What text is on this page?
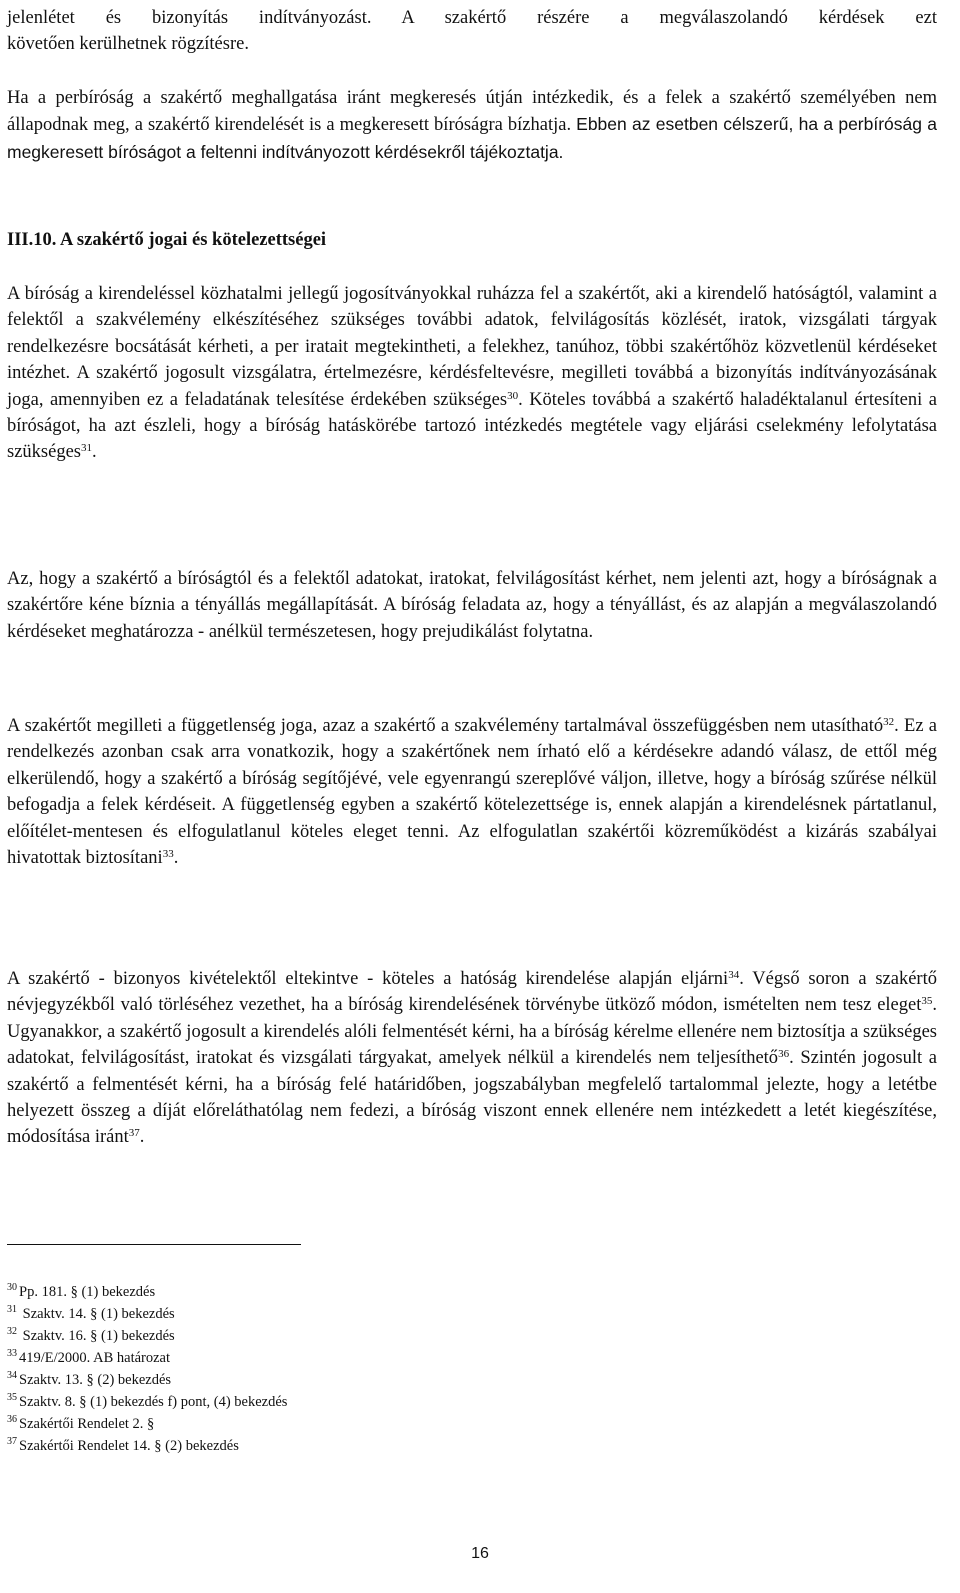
jelenlétet és bizonyítás indítványozást. A szakértő részére a megválaszolandó kérdések ezt
követően kerülhetnek rögzítésre.

Ha a perbíróság a szakértő meghallgatása iránt megkeresés útján intézkedik, és a felek a szakértő személyében nem állapodnak meg, a szakértő kirendelését is a megkeresett bíróságra bízhatja. Ebben az esetben célszerű, ha a perbíróság a megkeresett bíróságot a feltenni indítványozott kérdésekről tájékoztatja.

III.10. A szakértő jogai és kötelezettségei

A bíróság a kirendeléssel közhatalmi jellegű jogosítványokkal ruházza fel a szakértőt, aki a kirendelő hatóságtól, valamint a felektől a szakvélemény elkészítéséhez szükséges további adatok, felvilágosítás közlését, iratok, vizsgálati tárgyak rendelkezésre bocsátását kérheti, a per iratait megtekintheti, a felekhez, tanúhoz, többi szakértőhöz közvetlenül kérdéseket intézhet. A szakértő jogosult vizsgálatra, értelmezésre, kérdésfeltevésre, megilleti továbbá a bizonyítás indítványozásának joga, amennyiben ez a feladatának telesítése érdekében szükséges$^{30}$. Köteles továbbá a szakértő haladéktalanul értesíteni a bíróságot, ha azt észleli, hogy a bíróság hatáskörébe tartozó intézkedés megtétele vagy eljárási cselekmény lefolytatása szükséges$^{31}$.

Az, hogy a szakértő a bíróságtól és a felektől adatokat, iratokat, felvilágosítást kérhet, nem jelenti azt, hogy a bíróságnak a szakértőre kéne bíznia a tényállás megállapítását. A bíróság feladata az, hogy a tényállást, és az alapján a megválaszolandó kérdéseket meghatározza - anélkül természetesen, hogy prejudikálást folytatna.

A szakértőt megilleti a függetlenség joga, azaz a szakértő a szakvélemény tartalmával összefüggésben nem utasítható$^{32}$. Ez a rendelkezés azonban csak arra vonatkozik, hogy a szakértőnek nem írható elő a kérdésekre adandó válasz, de ettől még elkerülendő, hogy a szakértő a bíróság segítőjévé, vele egyenrangú szereplővé váljon, illetve, hogy a bíróság szűrése nélkül befogadja a felek kérdéseit. A függetlenség egyben a szakértő kötelezettsége is, ennek alapján a kirendelésnek pártatlanul, előítélet-mentesen és elfogulatlanul köteles eleget tenni. Az elfogulatlan szakértői közreműködést a kizárás szabályai hivatottak biztosítani$^{33}$.

A szakértő - bizonyos kivételektől eltekintve - köteles a hatóság kirendelése alapján eljárni$^{34}$. Végső soron a szakértő névjegyzékből való törléséhez vezethet, ha a bíróság kirendelésének törvénybe ütköző módon, ismételten nem tesz eleget$^{35}$. Ugyanakkor, a szakértő jogosult a kirendelés alóli felmentését kérni, ha a bíróság kérelme ellenére nem biztosítja a szükséges adatokat, felvilágosítást, iratokat és vizsgálati tárgyakat, amelyek nélkül a kirendelés nem teljesíthető$^{36}$. Szintén jogosult a szakértő a felmentését kérni, ha a bíróság felé határidőben, jogszabályban megfelelő tartalommal jelezte, hogy a letétbe helyezett összeg a díját előreláthatólag nem fedezi, a bíróság viszont ennek ellenére nem intézkedett a letét kiegészítése, módosítása iránt$^{37}$.

$^{30}$ Pp. 181. § (1) bekezdés
$^{31}$ Szaktv. 14. § (1) bekezdés
$^{32}$ Szaktv. 16. § (1) bekezdés
$^{33}$ 419/E/2000. AB határozat
$^{34}$ Szaktv. 13. § (2) bekezdés
$^{35}$ Szaktv. 8. § (1) bekezdés f) pont, (4) bekezdés
$^{36}$ Szakértői Rendelet 2. §
$^{37}$ Szakértői Rendelet 14. § (2) bekezdés
16
